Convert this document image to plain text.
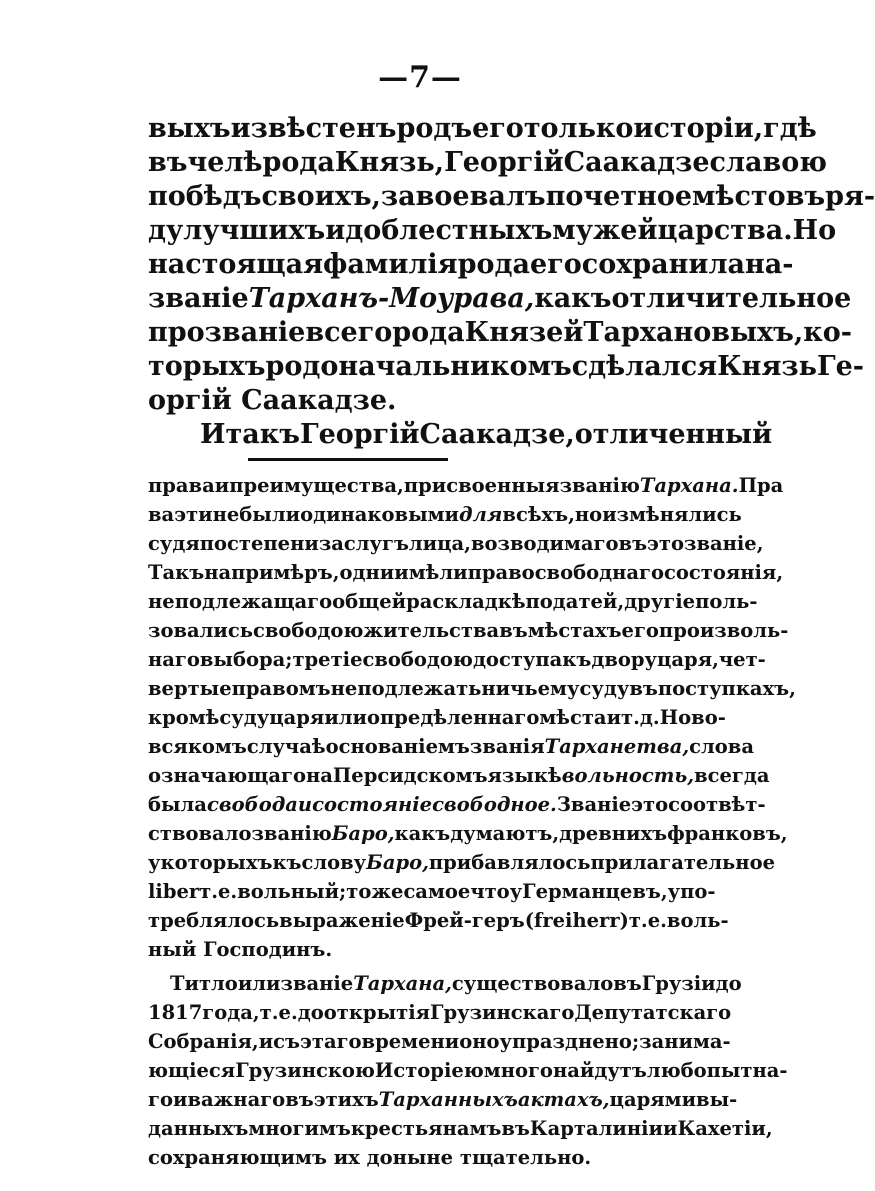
—7—
выхъ извѣстенъ родъ его только исторіи, гдѣ
въ челѣ рода Князь, Георгій Саакадзе славою
побѣдъ своихъ,завоевалъ почетное мѣсто въ ря-
ду лучшихъ и доблестныхъ мужей царства. Но
настоящая фамилія рода его сохранила на-
званіе Тарханъ-Моурава, какъ отличительное
прозваніе всего рода Князей Тархановыхъ, ко-
торыхъ родоначальникомъ сдѣлался Князь Ге-
оргій Саакадзе.
И такъ Георгій Саакадзе, отличенный
права и преимущества, присвоенныя званію Тархана. Пра
ва эти небыли одинаковыми для всѣхъ, но измѣнялись
судя по степени заслугъ лица, возводимаго въ это званіе,
Такъ напримѣръ, одни имѣли право свободнаго состоянія,
не подлежащаго общей раскладкѣ податей, другіе поль-
зовались свободою жительства въ мѣстахъ его произволь-
наго выбора; третіе свободою доступа къ двору царя, чет-
вертые правомъ не подлежать ничьему суду въ поступкахъ,
кромѣ суду царя или опредѣленнаго мѣста и т. д. Но во-
всякомъ случаѣ основаніемъ званія Тарханетва, слова
означающаго на Персидскомъ языкѣ вольность, всегда
была свобода и состояніе свободное. Званіе это соотвѣт-
ствовало званію Баро, какъ думаютъ, древнихъ франковъ,
у которыхъ къ слову Баро, прибавлялось прилагательное
liber т. е. вольный; тоже самое что у Германцевъ, упо-
треблялось выраженіе Фрей-геръ (frei herr) т. е. воль-
ный Господинъ.
Титло или званіе Тархана, существовало въ Грузіи до
1817 года, т. е. до открытія Грузинскаго Депутатскаго
Собранія, и съ этаго времени оно упразднено; занима-
ющіеся Грузинскою Исторіею много найдутъ любопытна-
го и важнаго въ этихъ Тарханныхъ актахъ, царями вы-
данныхъ многимъ крестьянамъ въ Карталиніи и Кахетіи,
сохраняющимъ их доныне тщательно.
